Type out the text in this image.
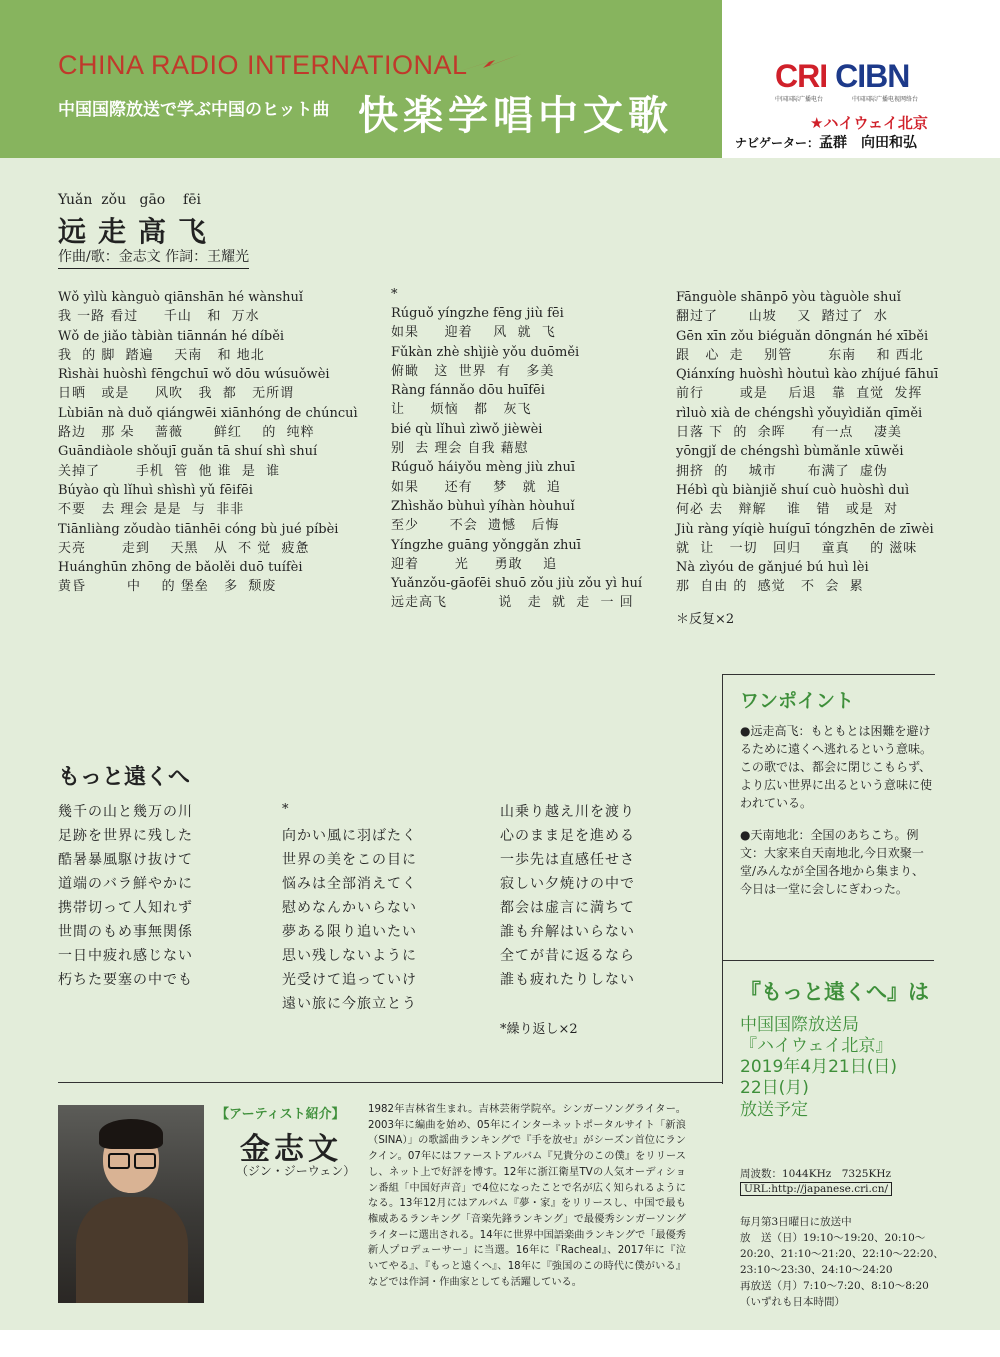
CHINA RADIO INTERNATIONAL
中国国際放送で学ぶ中国のヒット曲 快楽学唱中文歌
CRI CIBN
中国国际广播电台	中国国际广播电视网络台
★ハイウェイ北京
ナビゲーター：孟群　向田和弘
Yuǎn  zǒu   gāo    fēi
远走高飞
作曲/歌：金志文 作詞：王耀光
Wǒ yìlù kànguò qiānshān hé wànshuǐ
我 一路 看过     千山   和  万水
Wǒ de jiǎo tàbiàn tiānnán hé díběi
我  的 脚  踏遍    天南   和 地北
Rìshài huòshì fēngchuī wǒ dōu wúsuǒwèi
日晒   或是     风吹   我  都   无所谓
Lùbiān nà duǒ qiángwēi xiānhóng de chúncuì
路边   那 朵    蔷薇      鲜红    的  纯粹
Guāndiàole shǒujī guǎn tā shuí shì shuí
关掉了       手机  管  他 谁  是  谁
Búyào qù lǐhuì shìshì yǔ fēifēi
不要   去 理会 是是  与  非非
Tiānliàng zǒudào tiānhēi cóng bù jué píbèi
天亮       走到    天黑   从  不 觉  疲惫
Huánghūn zhōng de bǎolěi duō tuífèi
黄昏        中    的 堡垒   多  颓废
*
Rúguǒ yíngzhe fēng jiù fēi
如果     迎着    风  就  飞
Fǔkàn zhè shìjiè yǒu duōměi
俯瞰   这  世界  有   多美
Ràng fánnǎo dōu huīfēi
让     烦恼   都   灰飞
bié qù lǐhuì zìwǒ jièwèi
别  去 理会 自我 藉慰
Rúguǒ háiyǒu mèng jiù zhuī
如果     还有    梦   就  追
Zhìshǎo bùhuì yíhàn hòuhuǐ
至少      不会  遗憾   后悔
Yíngzhe guāng yǒnggǎn zhuī
迎着       光     勇敢    追
Yuǎnzǒu-gāofēi shuō zǒu jiù zǒu yì huí
远走高飞          说   走  就  走  一 回
Fānguòle shānpō yòu tàguòle shuǐ
翻过了      山坡    又  踏过了  水
Gēn xīn zǒu biéguǎn dōngnán hé xīběi
跟   心  走    别管       东南    和 西北
Qiánxíng huòshì hòutuì kào zhíjué fāhuī
前行       或是    后退   靠  直觉  发挥
rìluò xià de chéngshì yǒuyìdiǎn qīměi
日落 下  的  余晖     有一点    凄美
yōngjǐ de chéngshì bùmǎnle xūwěi
拥挤  的    城市      布满了  虚伪
Hébì qù biànjiě shuí cuò huòshì duì
何必 去   辩解    谁   错   或是  对
Jiù ràng yíqiè huíguī tóngzhēn de zīwèi
就  让   一切   回归    童真    的 滋味
Nà zìyóu de gǎnjué bú huì lèi
那  自由 的  感觉   不  会  累
＊反复×2
ワンポイント

●远走高飞：もともとは困難を避けるために遠くへ逃れるという意味。この歌では、都会に閉じこもらず、より広い世界に出るという意味に使われている。

●天南地北：全国のあちこち。例文：大家来自天南地北,今日欢聚一堂/みんなが全国各地から集まり、今日は一堂に会しにぎわった。

もっと遠くへ
幾千の山と幾万の川
足跡を世界に残した
酷暑暴風駆け抜けて
道端のバラ鮮やかに
携帯切って人知れず
世間のもめ事無関係
一日中疲れ感じない
朽ちた要塞の中でも
*
向かい風に羽ばたく
世界の美をこの目に
悩みは全部消えてく
慰めなんかいらない
夢ある限り追いたい
思い残しないように
光受けて追っていけ
遠い旅に今旅立とう
山乗り越え川を渡り
心のまま足を進める
一歩先は直感任せさ
寂しい夕焼けの中で
都会は虚言に満ちて
誰も弁解はいらない
全てが昔に返るなら
誰も疲れたりしない
*繰り返し×2
『もっと遠くへ』は
中国国際放送局
『ハイウェイ北京』
2019年4月21日(日)
22日(月)
放送予定
【アーティスト紹介】
金志文
（ジン・ジーウェン）
1982年吉林省生まれ。吉林芸術学院卒。シンガーソングライター。2003年に編曲を始め、05年にインターネットポータルサイト「新浪（SINA）」の歌謡曲ランキングで『手を放せ』がシーズン首位にランクイン。07年にはファーストアルバム『兄貴分のこの僕』をリリースし、ネット上で好評を博す。12年に浙江衛星TVの人気オーディション番組「中国好声音」で4位になったことで名が広く知られるようになる。13年12月にはアルバム『夢・家』をリリースし、中国で最も権威あるランキング「音楽先鋒ランキング」で最優秀シンガーソングライターに選出される。14年に世界中国語楽曲ランキングで「最優秀新人プロデューサー」に当選。16年に『Racheal』、2017年に『泣いてやる』、『もっと遠くへ』、18年に『強国のこの時代に僕がいる』などでは作詞・作曲家としても活躍している。
周波数：1044KHz　7325KHz
URL:http://japanese.cri.cn/
毎月第3日曜日に放送中
放　送（日）19:10～19:20、20:10～
20:20、21:10～21:20、22:10～22:20、
23:10～23:30、24:10～24:20
再放送（月）7:10～7:20、8:10～8:20
（いずれも日本時間）
